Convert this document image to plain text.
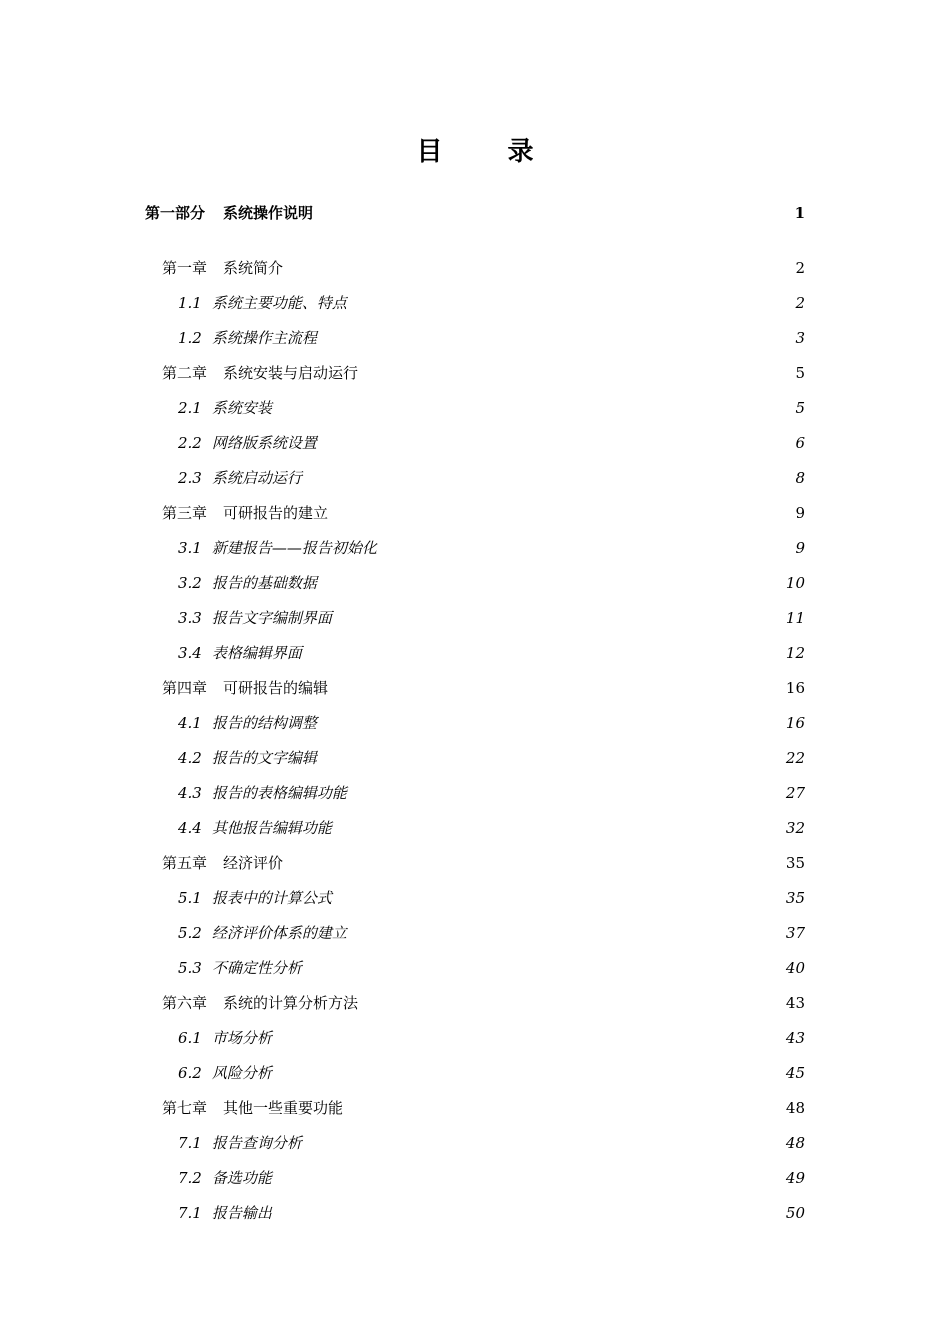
目 录
第一部分 系统操作说明 .....	1
第一章 系统简介 .....	2
1.1 系统主要功能、特点 .....	2
1.2 系统操作主流程 .....	3
第二章 系统安装与启动运行 .....	5
2.1 系统安装 .....	5
2.2 网络版系统设置 .....	6
2.3 系统启动运行 .....	8
第三章 可研报告的建立 .....	9
3.1 新建报告——报告初始化 .....	9
3.2 报告的基础数据 .....	10
3.3 报告文字编制界面 .....	11
3.4 表格编辑界面 .....	12
第四章 可研报告的编辑 .....	16
4.1 报告的结构调整 .....	16
4.2 报告的文字编辑 .....	22
4.3 报告的表格编辑功能 .....	27
4.4 其他报告编辑功能 .....	32
第五章 经济评价 .....	35
5.1 报表中的计算公式 .....	35
5.2 经济评价体系的建立 .....	37
5.3 不确定性分析 .....	40
第六章 系统的计算分析方法 .....	43
6.1 市场分析 .....	43
6.2 风险分析 .....	45
第七章 其他一些重要功能 .....	48
7.1 报告查询分析 .....	48
7.2 备选功能 .....	49
7.1 报告输出 .....	50
